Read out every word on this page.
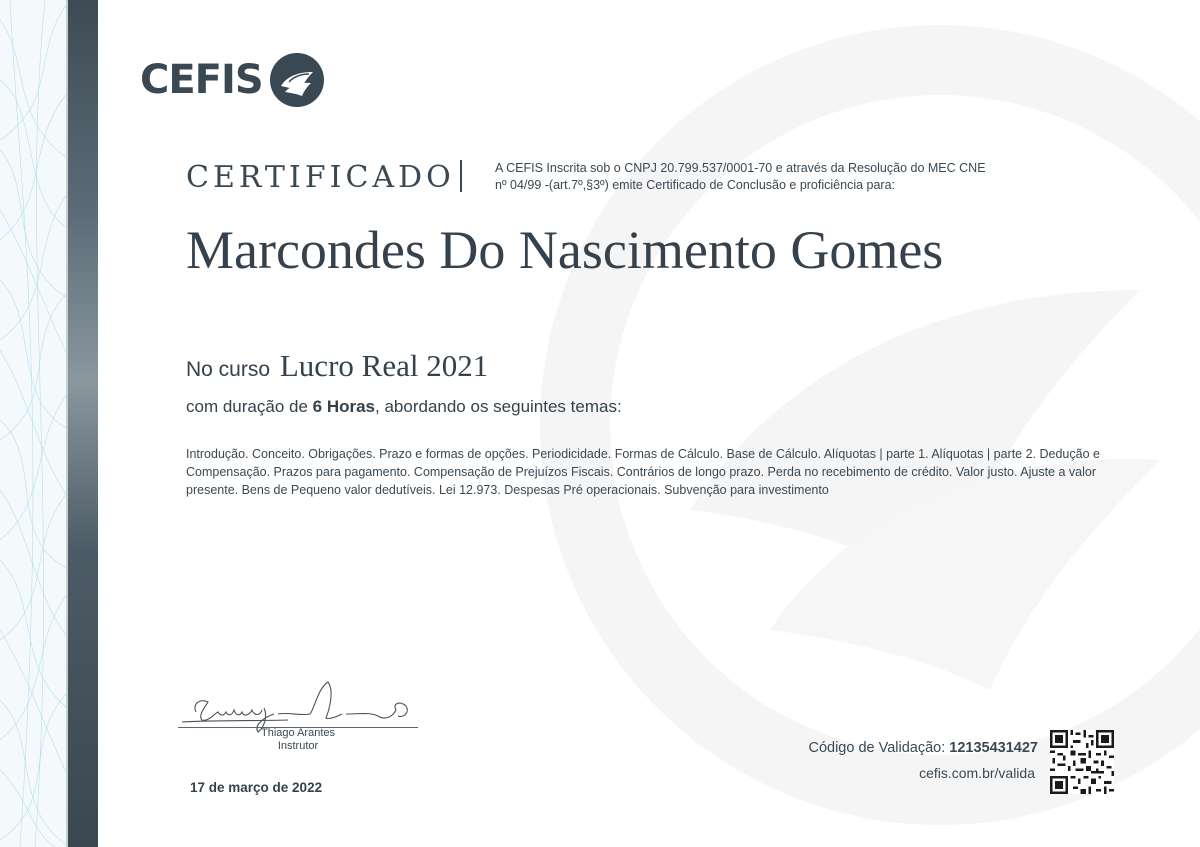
CEFIS
CERTIFICADO	A CEFIS Inscrita sob o CNPJ 20.799.537/0001-70 e através da Resolução do MEC CNE
nº 04/99 -(art.7º,§3º) emite Certificado de Conclusão e proficiência para:
Marcondes Do Nascimento Gomes
No curso Lucro Real 2021
com duração de 6 Horas, abordando os seguintes temas:
Introdução. Conceito. Obrigações. Prazo e formas de opções. Periodicidade. Formas de Cálculo. Base de Cálculo. Alíquotas | parte 1. Alíquotas | parte 2. Dedução e Compensação. Prazos para pagamento. Compensação de Prejuízos Fiscais. Contrários de longo prazo. Perda no recebimento de crédito. Valor justo. Ajuste a valor presente. Bens de Pequeno valor dedutíveis. Lei 12.973. Despesas Pré operacionais. Subvenção para investimento
Thiago Arantes
Instrutor
17 de março de 2022
Código de Validação: 12135431427
cefis.com.br/valida
